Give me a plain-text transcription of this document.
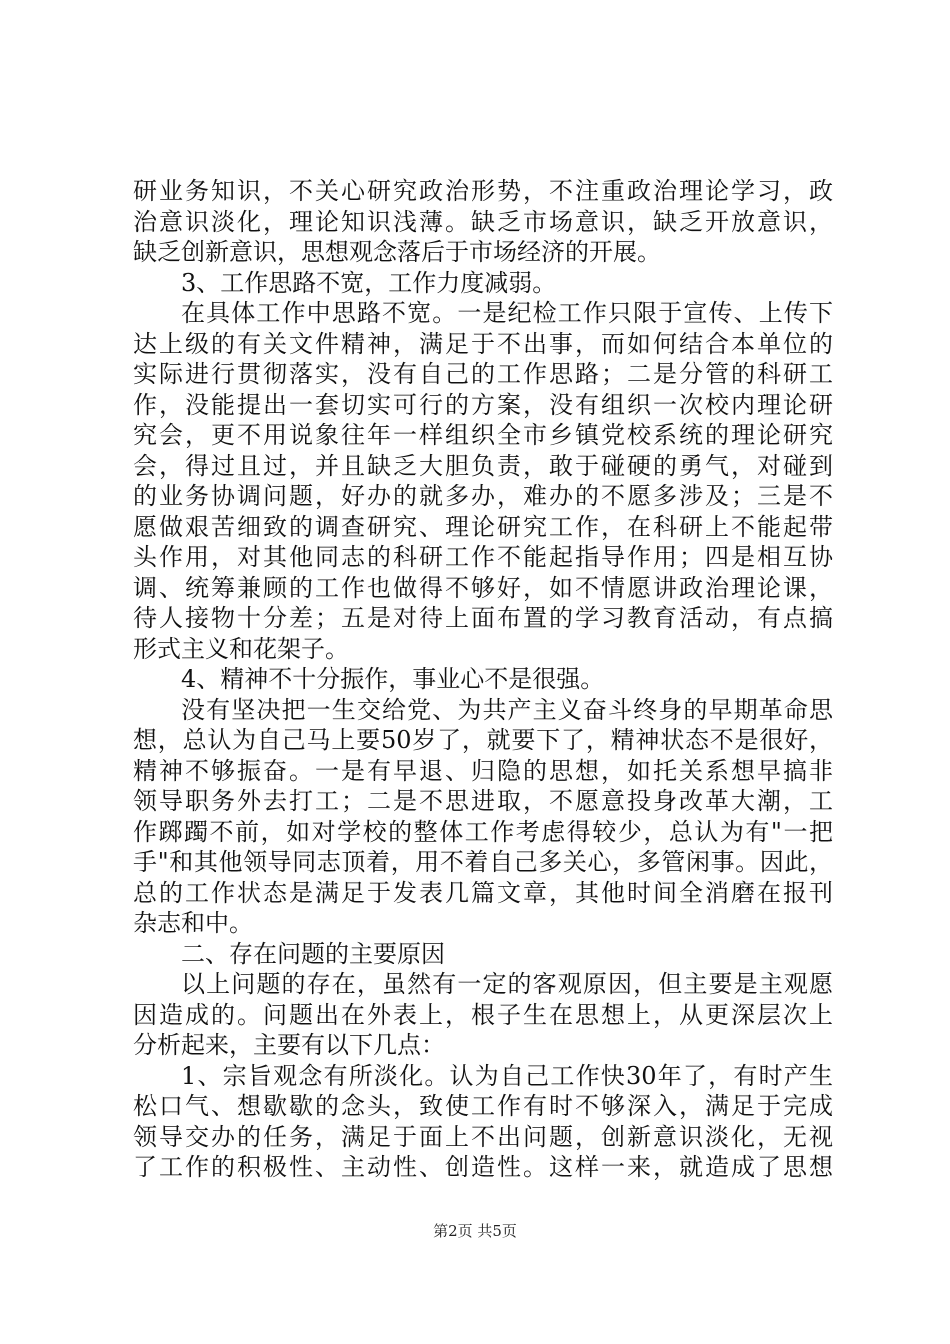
研业务知识，不关心研究政治形势，不注重政治理论学习，政
治意识淡化，理论知识浅薄。缺乏市场意识，缺乏开放意识，
缺乏创新意识，思想观念落后于市场经济的开展。
3、工作思路不宽，工作力度减弱。
在具体工作中思路不宽。一是纪检工作只限于宣传、上传下
达上级的有关文件精神，满足于不出事，而如何结合本单位的
实际进行贯彻落实，没有自己的工作思路；二是分管的科研工
作，没能提出一套切实可行的方案，没有组织一次校内理论研
究会，更不用说象往年一样组织全市乡镇党校系统的理论研究
会，得过且过，并且缺乏大胆负责，敢于碰硬的勇气，对碰到
的业务协调问题，好办的就多办，难办的不愿多涉及；三是不
愿做艰苦细致的调查研究、理论研究工作，在科研上不能起带
头作用，对其他同志的科研工作不能起指导作用；四是相互协
调、统筹兼顾的工作也做得不够好，如不情愿讲政治理论课，
待人接物十分差；五是对待上面布置的学习教育活动，有点搞
形式主义和花架子。
4、精神不十分振作，事业心不是很强。
没有坚决把一生交给党、为共产主义奋斗终身的早期革命思
想，总认为自己马上要50岁了，就要下了，精神状态不是很好，
精神不够振奋。一是有早退、归隐的思想，如托关系想早搞非
领导职务外去打工；二是不思进取，不愿意投身改革大潮，工
作踯躅不前，如对学校的整体工作考虑得较少，总认为有"一把
手"和其他领导同志顶着，用不着自己多关心，多管闲事。因此，
总的工作状态是满足于发表几篇文章，其他时间全消磨在报刊
杂志和中。
二、存在问题的主要原因
以上问题的存在，虽然有一定的客观原因，但主要是主观愿
因造成的。问题出在外表上，根子生在思想上，从更深层次上
分析起来，主要有以下几点：
1、宗旨观念有所淡化。认为自己工作快30年了，有时产生
松口气、想歇歇的念头，致使工作有时不够深入，满足于完成
领导交办的任务，满足于面上不出问题，创新意识淡化，无视
了工作的积极性、主动性、创造性。这样一来，就造成了思想
第2页 共5页
